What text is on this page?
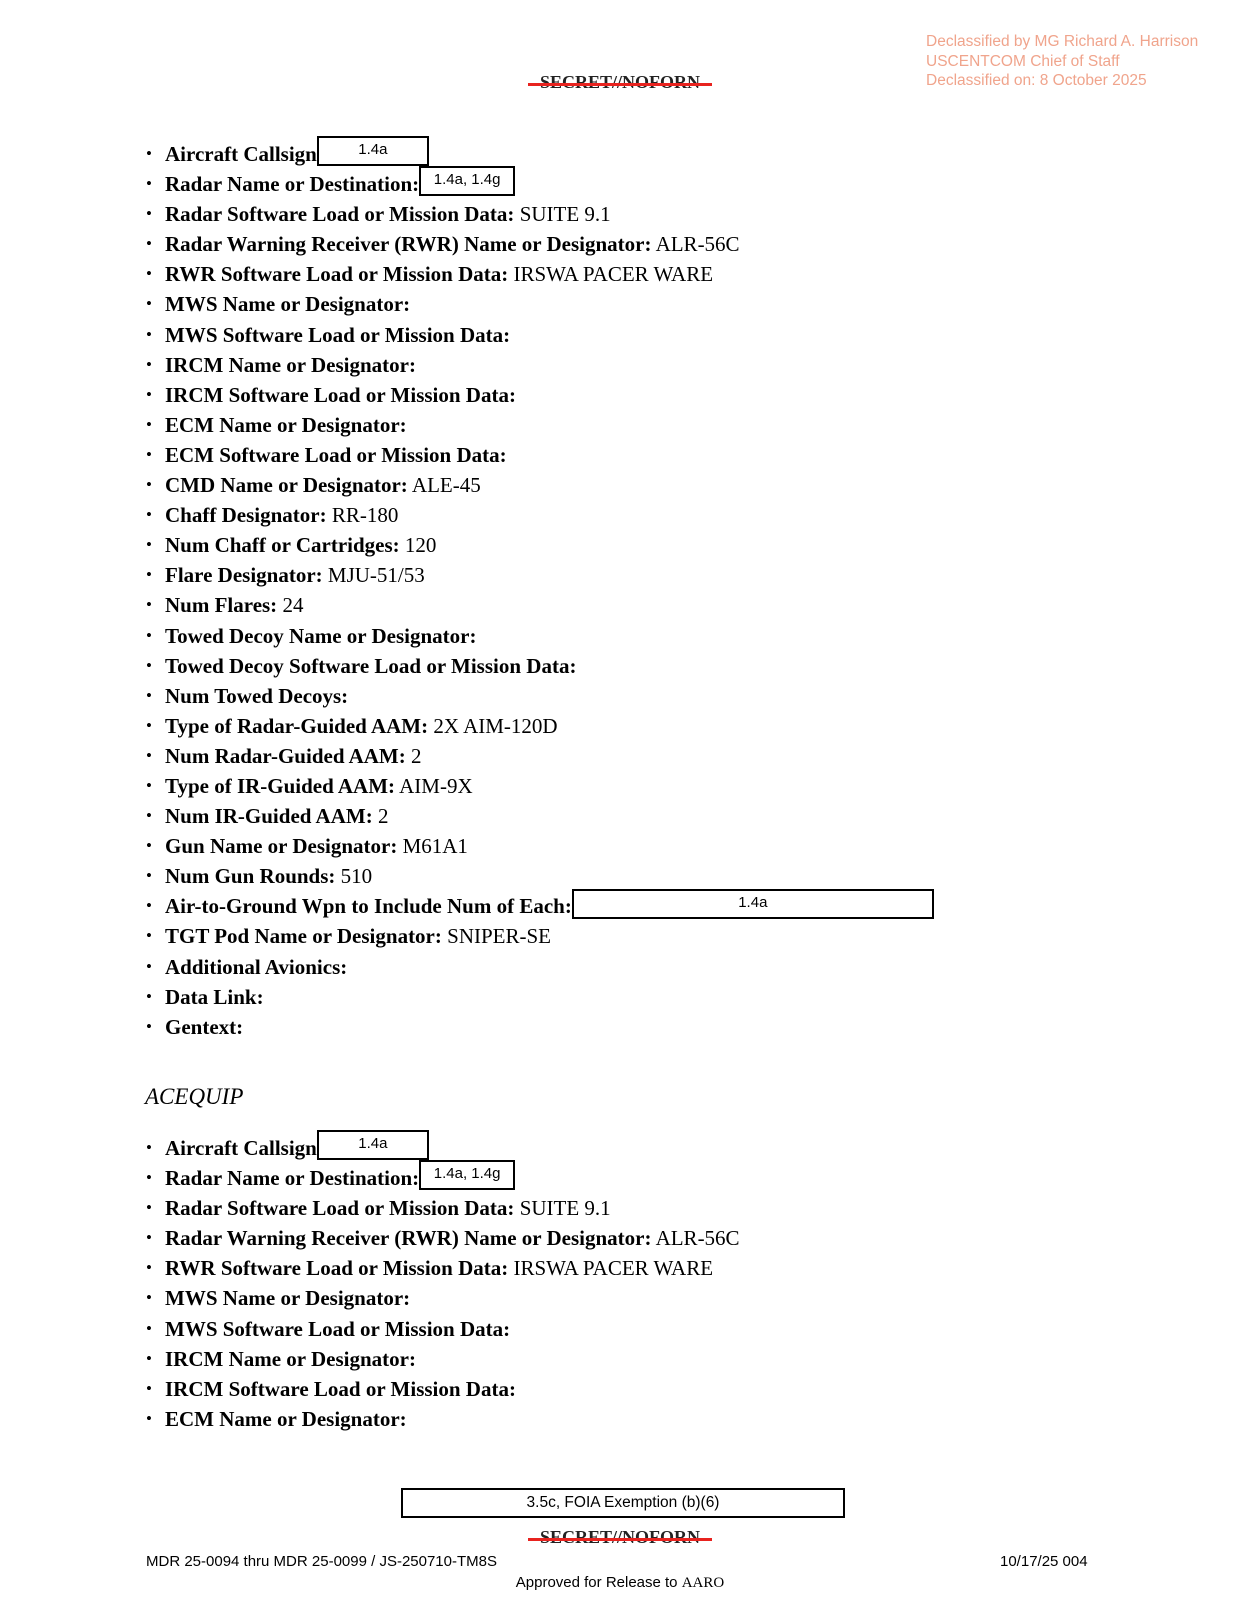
Declassified by MG Richard A. Harrison
USCENTCOM Chief of Staff
Declassified on: 8 October 2025
• Aircraft Callsign	1.4a
• Radar Name or Destination: 1.4a, 1.4g
• Radar Software Load or Mission Data: SUITE 9.1
• Radar Warning Receiver (RWR) Name or Designator: ALR-56C
• RWR Software Load or Mission Data: IRSWA PACER WARE
• MWS Name or Designator:
• MWS Software Load or Mission Data:
• IRCM Name or Designator:
• IRCM Software Load or Mission Data:
• ECM Name or Designator:
• ECM Software Load or Mission Data:
• CMD Name or Designator: ALE-45
• Chaff Designator: RR-180
• Num Chaff or Cartridges: 120
• Flare Designator: MJU-51/53
• Num Flares: 24
• Towed Decoy Name or Designator:
• Towed Decoy Software Load or Mission Data:
• Num Towed Decoys:
• Type of Radar-Guided AAM: 2X AIM-120D
• Num Radar-Guided AAM: 2
• Type of IR-Guided AAM: AIM-9X
• Num IR-Guided AAM: 2
• Gun Name or Designator: M61A1
• Num Gun Rounds: 510
• Air-to-Ground Wpn to Include Num of Each:	1.4a
• TGT Pod Name or Designator: SNIPER-SE
• Additional Avionics:
• Data Link:
• Gentext:
ACEQUIP
• Aircraft Callsign	1.4a
• Radar Name or Destination: 1.4a, 1.4g
• Radar Software Load or Mission Data: SUITE 9.1
• Radar Warning Receiver (RWR) Name or Designator: ALR-56C
• RWR Software Load or Mission Data: IRSWA PACER WARE
• MWS Name or Designator:
• MWS Software Load or Mission Data:
• IRCM Name or Designator:
• IRCM Software Load or Mission Data:
• ECM Name or Designator:
3.5c, FOIA Exemption (b)(6)
MDR 25-0094 thru MDR 25-0099 / JS-250710-TM8S	10/17/25 004
Approved for Release to AARO
